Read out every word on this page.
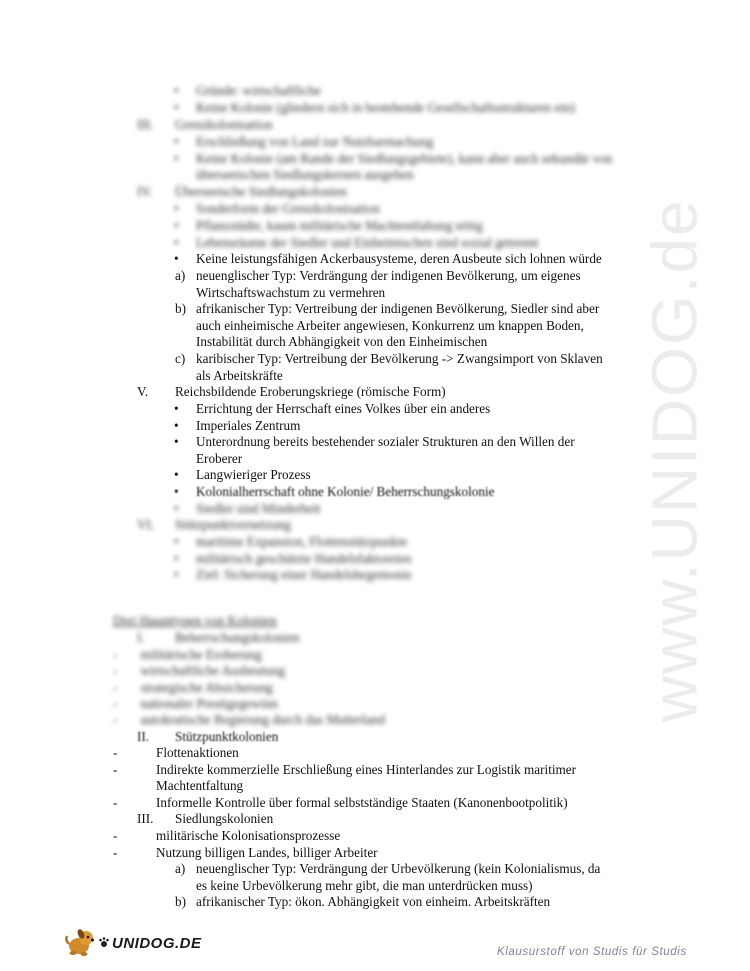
www.UNIDOG.de
• Gründe: wirtschaftliche
• Keine Kolonie (gliedern sich in bestehende Gesellschaftsstrukturen ein)
III. Grenzkolonisation
• Erschließung von Land zur Nutzbarmachung
• Keine Kolonie (am Rande der Siedlungsgebiete), kann aber auch sekundär von
überseeischen Siedlungskernen ausgehen
IV. Überseeische Siedlungskolonien
• Sonderform der Grenzkolonisation
• Pflanzstädte, kaum militärische Machtentfaltung nötig
• Lebensräume der Siedler und Einheimischen sind sozial getrennt
• Keine leistungsfähigen Ackerbausysteme, deren Ausbeute sich lohnen würde
a) neuenglischer Typ: Verdrängung der indigenen Bevölkerung, um eigenes
Wirtschaftswachstum zu vermehren
b) afrikanischer Typ: Vertreibung der indigenen Bevölkerung, Siedler sind aber
auch einheimische Arbeiter angewiesen, Konkurrenz um knappen Boden,
Instabilität durch Abhängigkeit von den Einheimischen
c) karibischer Typ: Vertreibung der Bevölkerung -> Zwangsimport von Sklaven
als Arbeitskräfte
V. Reichsbildende Eroberungskriege (römische Form)
• Errichtung der Herrschaft eines Volkes über ein anderes
• Imperiales Zentrum
• Unterordnung bereits bestehender sozialer Strukturen an den Willen der
Eroberer
• Langwieriger Prozess
• Kolonialherrschaft ohne Kolonie/ Beherrschungskolonie
• Siedler sind Minderheit
VI. Stützpunktvernetzung
• maritime Expansion, Flottenstützpunkte
• militärisch geschützte Handelsfaktoreien
• Ziel: Sicherung einer Handelshegemonie
Drei Haupttypen von Kolonien
I. Beherrschungskolonien
-       militärische Eroberung
-       wirtschaftliche Ausbeutung
-       strategische Absicherung
-       nationaler Prestigegewinn
-       autokratische Regierung durch das Mutterland
II. Stützpunktkolonien
-	Flottenaktionen
-	Indirekte kommerzielle Erschließung eines Hinterlandes zur Logistik maritimer
Machtentfaltung
-	Informelle Kontrolle über formal selbstständige Staaten (Kanonenbootpolitik)
III. Siedlungskolonien
-	militärische Kolonisationsprozesse
-	Nutzung billigen Landes, billiger Arbeiter
a) neuenglischer Typ: Verdrängung der Urbevölkerung (kein Kolonialismus, da
es keine Urbevölkerung mehr gibt, die man unterdrücken muss)
b) afrikanischer Typ: ökon. Abhängigkeit von einheim. Arbeitskräften
UNIDOG.DE
Klausurstoff von Studis für Studis
